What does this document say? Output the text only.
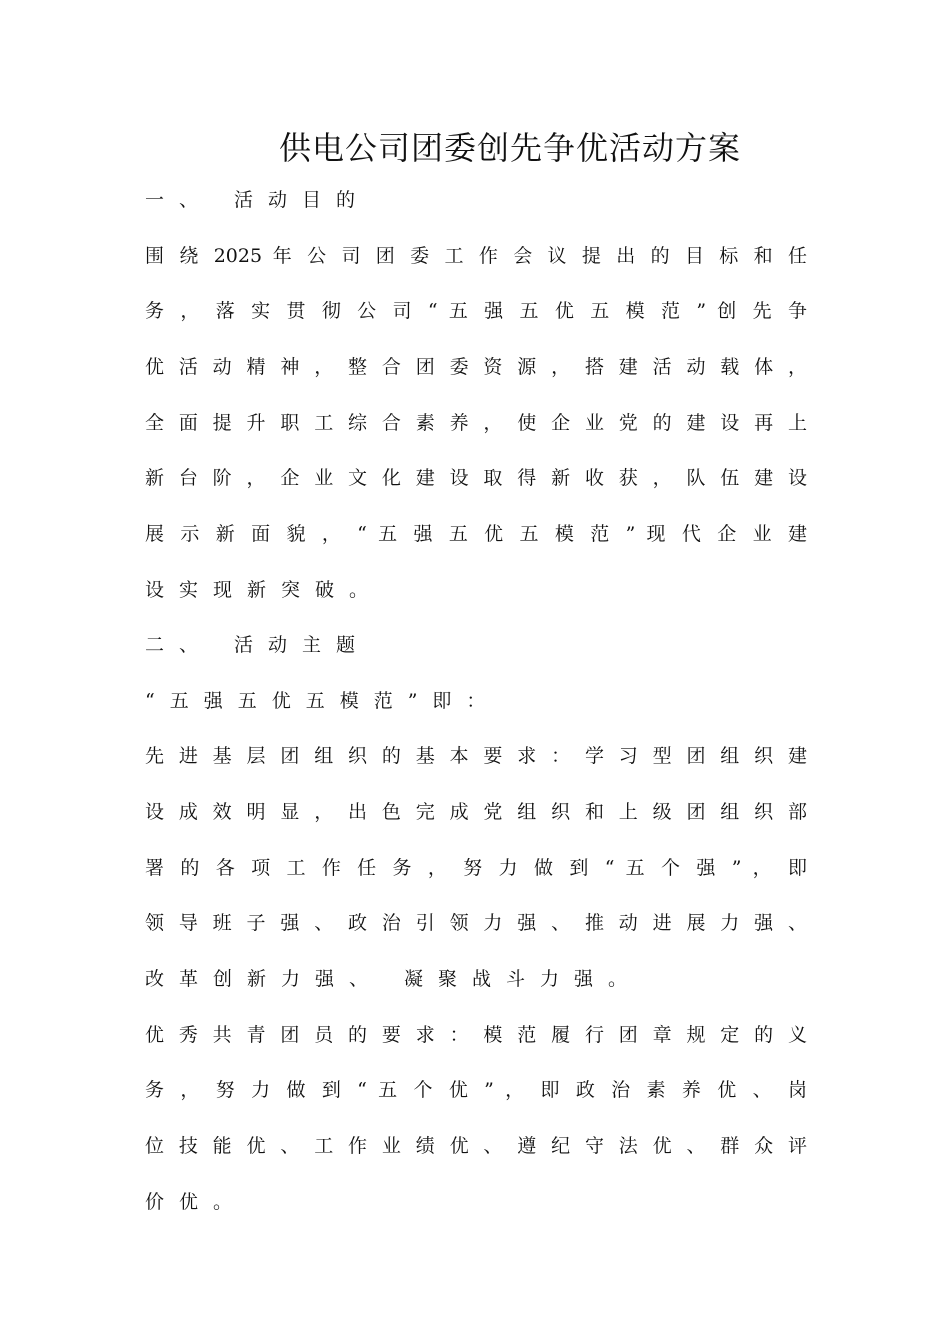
供电公司团委创先争优活动方案
一、 活动目的
围 绕 2025 年 公 司 团 委 工 作 会 议 提 出 的 目 标 和 任
务 ， 落 实 贯 彻 公 司 “ 五 强 五 优 五 模 范 ” 创 先 争
优 活 动 精 神 ， 整 合 团 委 资 源 ， 搭 建 活 动 载 体 ，
全 面 提 升 职 工 综 合 素 养 ， 使 企 业 党 的 建 设 再 上
新 台 阶 ， 企 业 文 化 建 设 取 得 新 收 获 ， 队 伍 建 设
展 示 新 面 貌 ， “ 五 强 五 优 五 模 范 ” 现 代 企 业 建
设实现新突破。
二、 活动主题
“五强五优五模范”即：
先 进 基 层 团 组 织 的 基 本 要 求 ： 学 习 型 团 组 织 建
设 成 效 明 显 ， 出 色 完 成 党 组 织 和 上 级 团 组 织 部
署 的 各 项 工 作 任 务 ， 努 力 做 到 “ 五 个 强 ” ， 即
领 导 班 子 强 、 政 治 引 领 力 强 、 推 动 进 展 力 强 、
改革创新力强、 凝聚战斗力强。
优 秀 共 青 团 员 的 要 求 ： 模 范 履 行 团 章 规 定 的 义
务 ， 努 力 做 到 “ 五 个 优 ” ， 即 政 治 素 养 优 、 岗
位 技 能 优 、 工 作 业 绩 优 、 遵 纪 守 法 优 、 群 众 评
价优。
